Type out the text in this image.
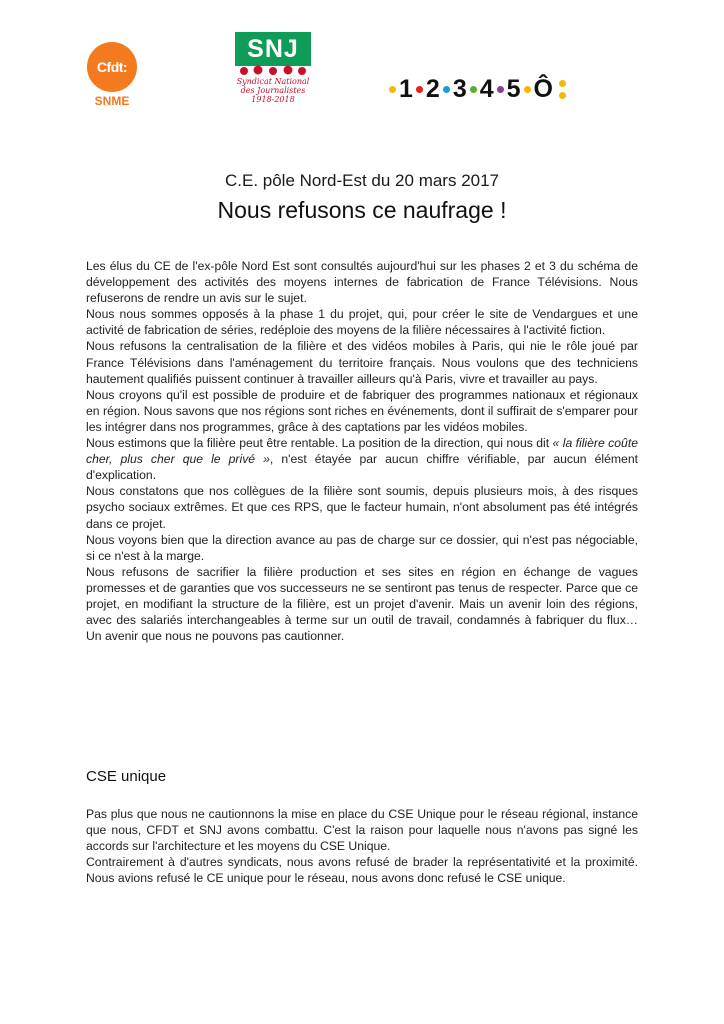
Cfdt:
SNME
SNJ
Syndicat National
des Journalistes
1918-2018	1 2 3 4 5 Ô
C.E. pôle Nord-Est du 20 mars 2017
Nous refusons ce naufrage !

Les élus du CE de l'ex-pôle Nord Est sont consultés aujourd'hui sur les phases 2 et 3 du schéma de développement des activités des moyens internes de fabrication de France Télévisions. Nous refuserons de rendre un avis sur le sujet.

Nous nous sommes opposés à la phase 1 du projet, qui, pour créer le site de Vendargues et une activité de fabrication de séries, redéploie des moyens de la filière nécessaires à l'activité fiction.

Nous refusons la centralisation de la filière et des vidéos mobiles à Paris, qui nie le rôle joué par France Télévisions dans l'aménagement du territoire français. Nous voulons que des techniciens hautement qualifiés puissent continuer à travailler ailleurs qu'à Paris, vivre et travailler au pays.

Nous croyons qu'il est possible de produire et de fabriquer des programmes nationaux et régionaux en région. Nous savons que nos régions sont riches en événements, dont il suffirait de s'emparer pour les intégrer dans nos programmes, grâce à des captations par les vidéos mobiles.

Nous estimons que la filière peut être rentable. La position de la direction, qui nous dit « la filière coûte cher, plus cher que le privé », n'est étayée par aucun chiffre vérifiable, par aucun élément d'explication.

Nous constatons que nos collègues de la filière sont soumis, depuis plusieurs mois, à des risques psycho sociaux extrêmes. Et que ces RPS, que le facteur humain, n'ont absolument pas été intégrés dans ce projet.

Nous voyons bien que la direction avance au pas de charge sur ce dossier, qui n'est pas négociable, si ce n'est à la marge.

Nous refusons de sacrifier la filière production et ses sites en région en échange de vagues promesses et de garanties que vos successeurs ne se sentiront pas tenus de respecter. Parce que ce projet, en modifiant la structure de la filière, est un projet d'avenir. Mais un avenir loin des régions, avec des salariés interchangeables à terme sur un outil de travail, condamnés à fabriquer du flux… Un avenir que nous ne pouvons pas cautionner.

CSE unique

Pas plus que nous ne cautionnons la mise en place du CSE Unique pour le réseau régional, instance que nous, CFDT et SNJ avons combattu. C'est la raison pour laquelle nous n'avons pas signé les accords sur l'architecture et les moyens du CSE Unique.

Contrairement à d'autres syndicats, nous avons refusé de brader la représentativité et la proximité. Nous avions refusé le CE unique pour le réseau, nous avons donc refusé le CSE unique.
